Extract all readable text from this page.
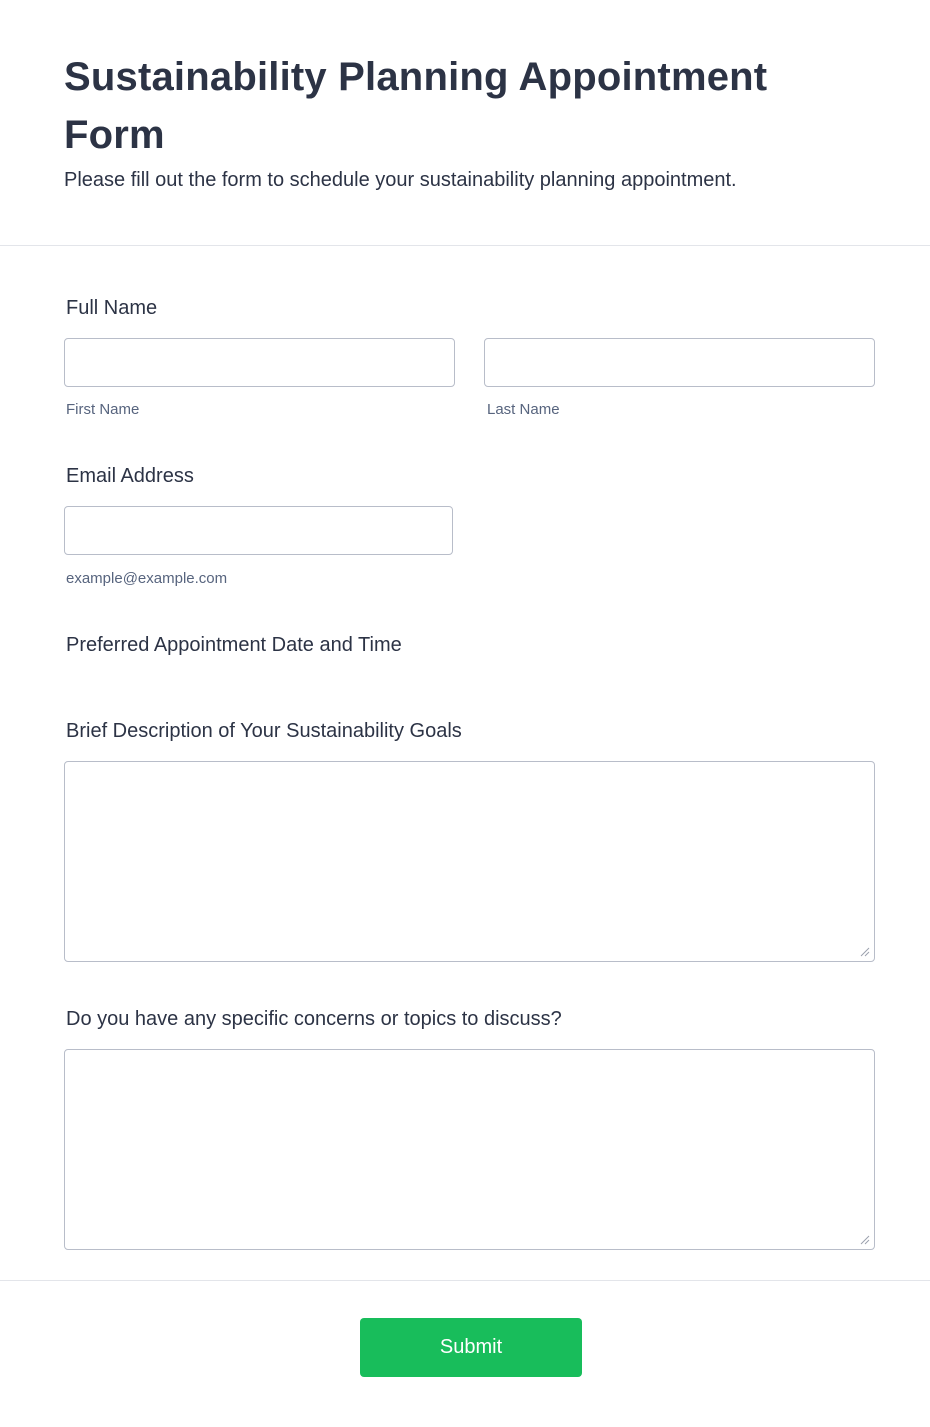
Sustainability Planning Appointment Form

Please fill out the form to schedule your sustainability planning appointment.

Full Name
First Name	Last Name
Email Address
example@example.com
Preferred Appointment Date and Time
Brief Description of Your Sustainability Goals
Do you have any specific concerns or topics to discuss?
Submit
